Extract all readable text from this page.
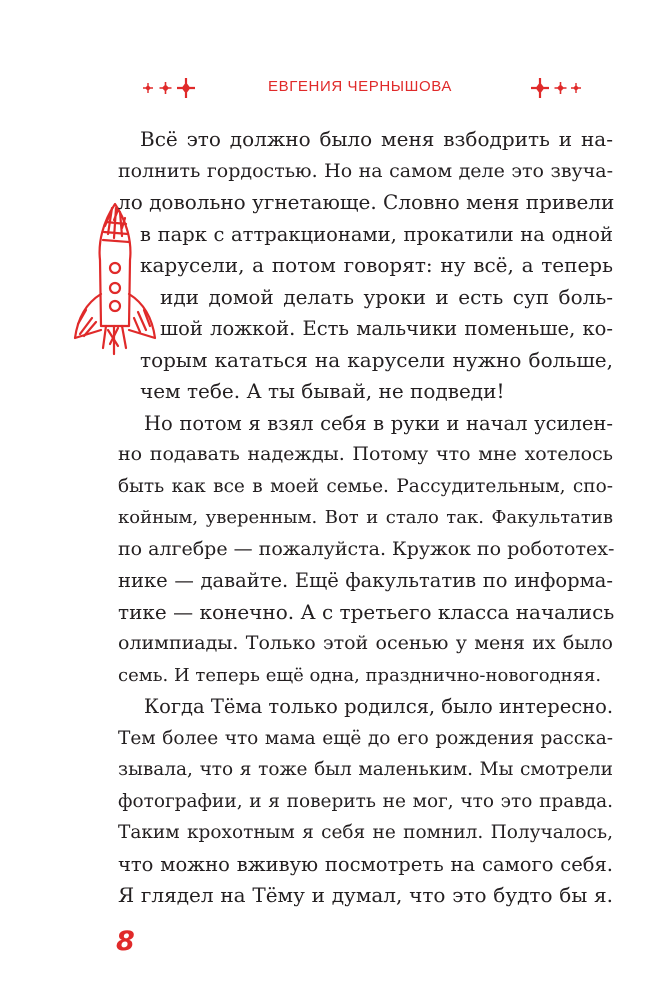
ЕВГЕНИЯ ЧЕРНЫШОВА
Всё это должно было меня взбодрить и на-
полнить гордостью. Но на самом деле это звуча-
ло довольно угнетающе. Словно меня привели
в парк с аттракционами, прокатили на одной
карусели, а потом говорят: ну всё, а теперь
иди домой делать уроки и есть суп боль-
шой ложкой. Есть мальчики поменьше, ко-
торым кататься на карусели нужно больше,
чем тебе. А ты бывай, не подведи!
Но потом я взял себя в руки и начал усилен-
но подавать надежды. Потому что мне хотелось
быть как все в моей семье. Рассудительным, спо-
койным, уверенным. Вот и стало так. Факультатив
по алгебре — пожалуйста. Кружок по робототех-
нике — давайте. Ещё факультатив по информа-
тике — конечно. А с третьего класса начались
олимпиады. Только этой осенью у меня их было
семь. И теперь ещё одна, празднично-новогодняя.
Когда Тёма только родился, было интересно.
Тем более что мама ещё до его рождения расска-
зывала, что я тоже был маленьким. Мы смотрели
фотографии, и я поверить не мог, что это правда.
Таким крохотным я себя не помнил. Получалось,
что можно вживую посмотреть на самого себя.
Я глядел на Тёму и думал, что это будто бы я.
8
